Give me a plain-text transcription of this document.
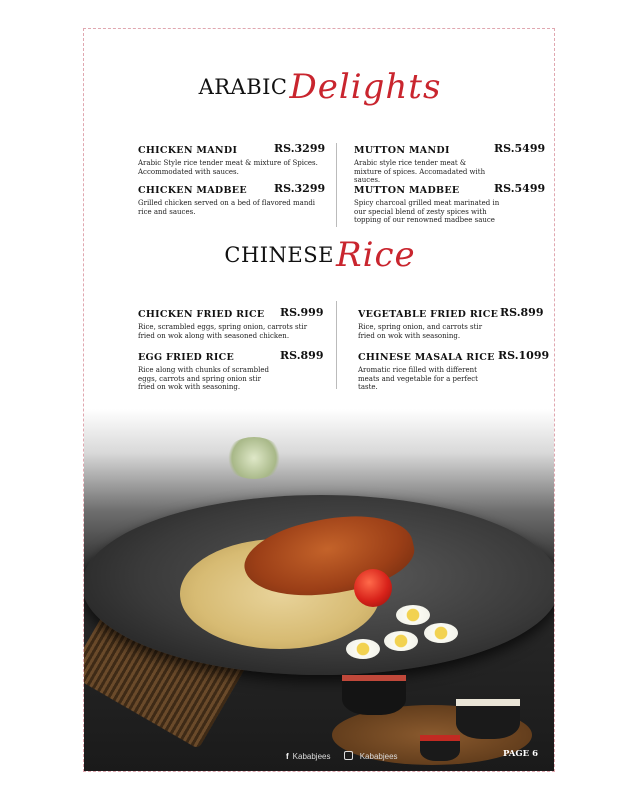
ARABICDelights
CHICKEN MANDI	RS.3299
Arabic Style rice tender meat & mixture of Spices. Accommodated with sauces.
CHICKEN MADBEE	RS.3299
Grilled chicken served on a bed of flavored mandi rice and sauces.
MUTTON MANDI	RS.5499
Arabic style rice tender meat & mixture of spices. Accomadated with sauces.
MUTTON MADBEE	RS.5499
Spicy charcoal grilled meat marinated in our special blend of zesty spices with topping of our renowned madbee sauce
CHINESERice
CHICKEN FRIED RICE	RS.999
Rice, scrambled eggs, spring onion, carrots stir fried on wok along with seasoned chicken.
EGG FRIED RICE	RS.899
Rice along with chunks of scrambled eggs, carrots and spring onion stir fried on wok with seasoning.
VEGETABLE FRIED RICE RS.899
Rice, spring onion, and carrots stir fried on wok with seasoning.
CHINESE MASALA RICE RS.1099
Aromatic rice filled with different meats and vegetable for a perfect taste.
f Kababjees	Kababjees	PAGE 6
